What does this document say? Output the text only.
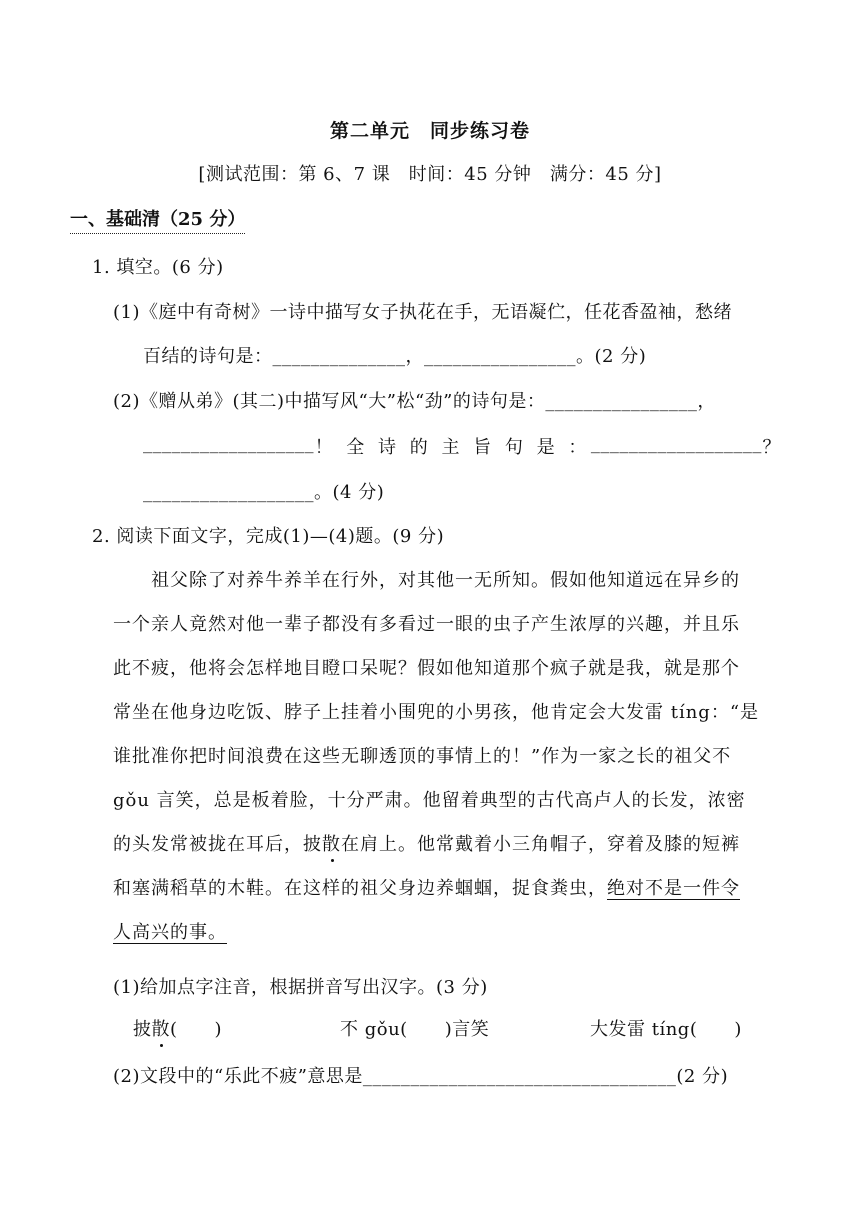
第二单元　同步练习卷
[测试范围：第 6、7 课　时间：45 分钟　满分：45 分]
一、基础清（25 分）
1. 填空。(6 分)
(1)《庭中有奇树》一诗中描写女子执花在手，无语凝伫，任花香盈袖，愁绪
百结的诗句是：______________，________________。(2 分)
(2)《赠从弟》(其二)中描写风“大”松“劲”的诗句是：________________，
__________________ ！ 全 诗 的 主 旨 句 是 ： __________________ ？
__________________。(4 分)
2. 阅读下面文字，完成(1)—(4)题。(9 分)
祖父除了对养牛养羊在行外，对其他一无所知。假如他知道远在异乡的
一个亲人竟然对他一辈子都没有多看过一眼的虫子产生浓厚的兴趣，并且乐
此不疲，他将会怎样地目瞪口呆呢？假如他知道那个疯子就是我，就是那个
常坐在他身边吃饭、脖子上挂着小围兜的小男孩，他肯定会大发雷 tíng：“是
谁批准你把时间浪费在这些无聊透顶的事情上的！”作为一家之长的祖父不
gǒu 言笑，总是板着脸，十分严肃。他留着典型的古代高卢人的长发，浓密
的头发常被拢在耳后，披散在肩上。他常戴着小三角帽子，穿着及膝的短裤
和塞满稻草的木鞋。在这样的祖父身边养蝈蝈，捉食粪虫，绝对不是一件令
人高兴的事。
(1)给加点字注音，根据拼音写出汉字。(3 分)
披散(　　)	不 gǒu(　　)言笑	大发雷 tíng(　　)
(2)文段中的“乐此不疲”意思是_________________________________(2 分)
